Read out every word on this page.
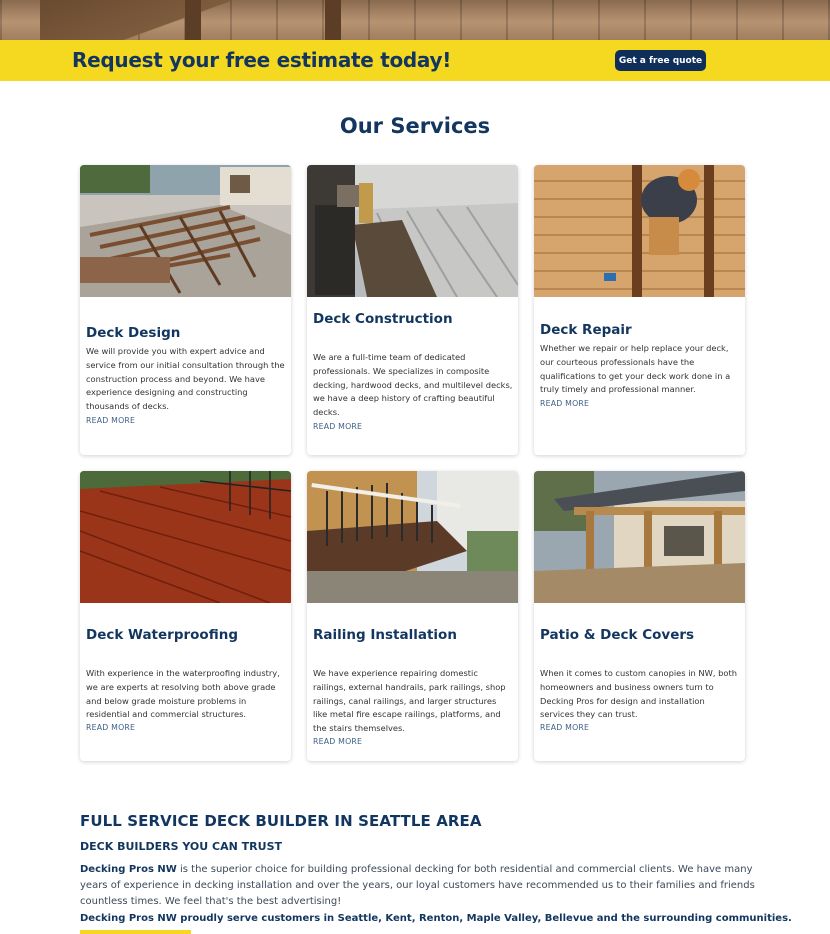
Request your free estimate today!	Get a free quote
Our Services
Deck Design
We will provide you with expert advice and service from our initial consultation through the construction process and beyond. We have experience designing and constructing thousands of decks.
READ MORE
Deck Construction
We are a full-time team of dedicated professionals. We specializes in composite decking, hardwood decks, and multilevel decks, we have a deep history of crafting beautiful decks.
READ MORE
Deck Repair
Whether we repair or help replace your deck, our courteous professionals have the qualifications to get your deck work done in a truly timely and professional manner.
READ MORE
Deck Waterproofing
With experience in the waterproofing industry, we are experts at resolving both above grade and below grade moisture problems in residential and commercial structures.
READ MORE
Railing Installation
We have experience repairing domestic railings, external handrails, park railings, shop railings, canal railings, and larger structures like metal fire escape railings, platforms, and the stairs themselves.
READ MORE
Patio & Deck Covers
When it comes to custom canopies in NW, both homeowners and business owners turn to Decking Pros for design and installation services they can trust.
READ MORE
FULL SERVICE DECK BUILDER IN SEATTLE AREA
DECK BUILDERS YOU CAN TRUST
Decking Pros NW is the superior choice for building professional decking for both residential and commercial clients. We have many years of experience in decking installation and over the years, our loyal customers have recommended us to their families and friends countless times. We feel that's the best advertising!
Decking Pros NW proudly serve customers in Seattle, Kent, Renton, Maple Valley, Bellevue and the surrounding communities.
